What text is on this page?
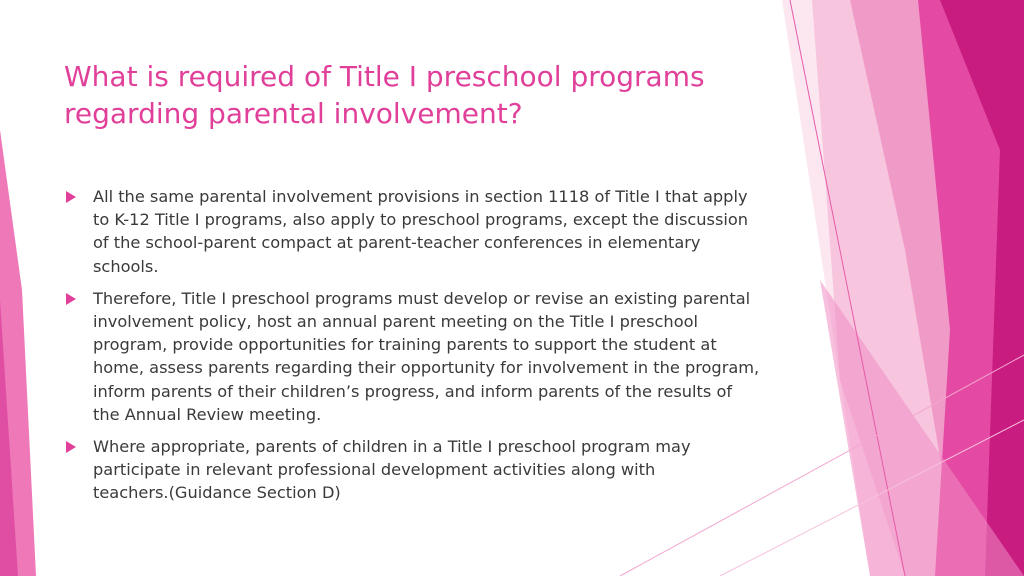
What is required of Title I preschool programs
regarding parental involvement?
All the same parental involvement provisions in section 1118 of Title I that apply
to K-12 Title I programs, also apply to preschool programs, except the discussion
of the school-parent compact at parent-teacher conferences in elementary
schools.
Therefore, Title I preschool programs must develop or revise an existing parental
involvement policy, host an annual parent meeting on the Title I preschool
program, provide opportunities for training parents to support the student at
home, assess parents regarding their opportunity for involvement in the program,
inform parents of their children’s progress, and inform parents of the results of
the Annual Review meeting.
Where appropriate, parents of children in a Title I preschool program may
participate in relevant professional development activities along with
teachers.(Guidance Section D)
